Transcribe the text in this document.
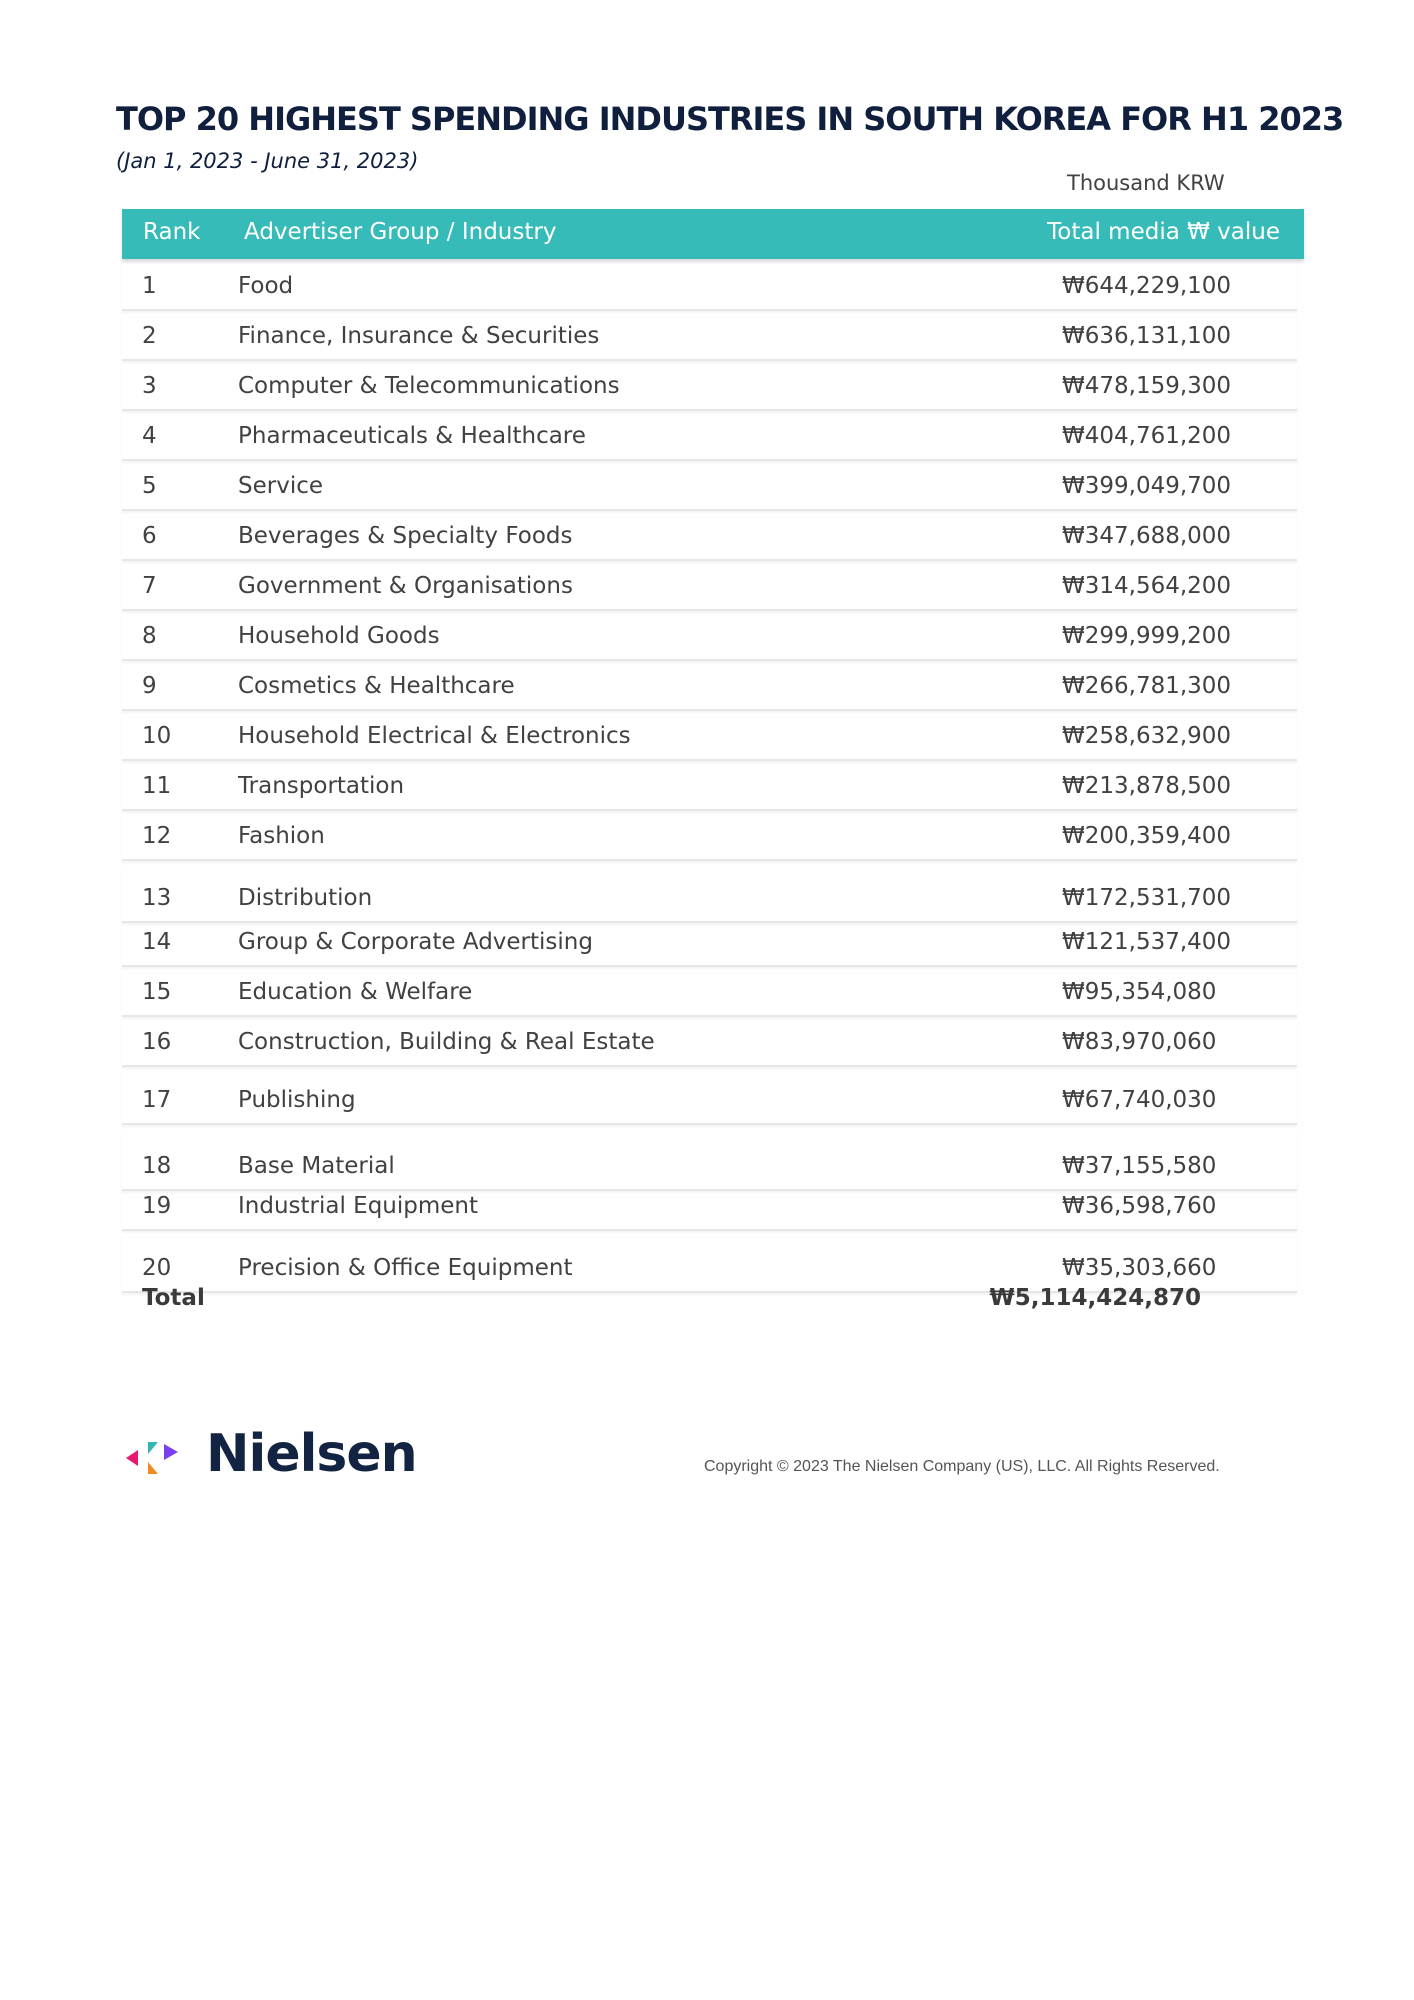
TOP 20 HIGHEST SPENDING INDUSTRIES IN SOUTH KOREA FOR H1 2023

(Jan 1, 2023 - June 31, 2023)

Thousand KRW
Rank Advertiser Group / Industry	Total media ₩ value
1	Food	₩644,229,100
2	Finance, Insurance & Securities	₩636,131,100
3	Computer & Telecommunications	₩478,159,300
4	Pharmaceuticals & Healthcare	₩404,761,200
5	Service	₩399,049,700
6	Beverages & Specialty Foods	₩347,688,000
7	Government & Organisations	₩314,564,200
8	Household Goods	₩299,999,200
9	Cosmetics & Healthcare	₩266,781,300
10	Household Electrical & Electronics	₩258,632,900
11	Transportation	₩213,878,500
12	Fashion	₩200,359,400
13	Distribution	₩172,531,700
14	Group & Corporate Advertising	₩121,537,400
15	Education & Welfare	₩95,354,080
16	Construction, Building & Real Estate	₩83,970,060
17	Publishing	₩67,740,030
18	Base Material	₩37,155,580
19	Industrial Equipment	₩36,598,760
20	Precision & Office Equipment	₩35,303,660
Total	₩5,114,424,870
Nielsen	Copyright © 2023 The Nielsen Company (US), LLC. All Rights Reserved.
